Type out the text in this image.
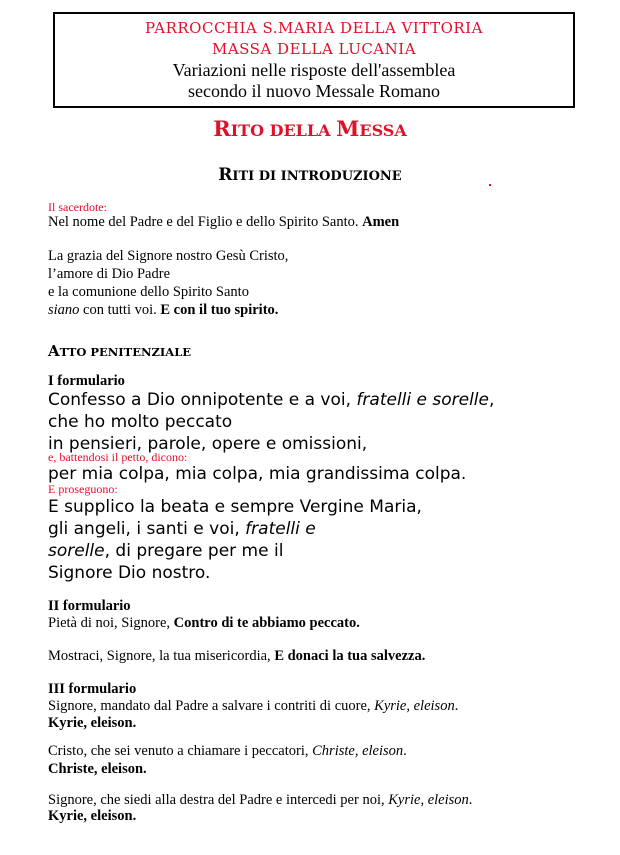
PARROCCHIA S.MARIA DELLA VITTORIA
MASSA DELLA LUCANIA
Variazioni nelle risposte dell'assemblea
secondo il nuovo Messale Romano
RITO DELLA MESSA
RITI DI INTRODUZIONE
Il sacerdote:
Nel nome del Padre e del Figlio e dello Spirito Santo. Amen
La grazia del Signore nostro Gesù Cristo,
l’amore di Dio Padre
e la comunione dello Spirito Santo
siano con tutti voi. E con il tuo spirito.
ATTO PENITENZIALE
I formulario
Confesso a Dio onnipotente e a voi, fratelli e sorelle,
che ho molto peccato
in pensieri, parole, opere e omissioni,
e, battendosi il petto, dicono:
per mia colpa, mia colpa, mia grandissima colpa.
E proseguono:
E supplico la beata e sempre Vergine Maria,
gli angeli, i santi e voi, fratelli e
sorelle, di pregare per me il
Signore Dio nostro.
II formulario
Pietà di noi, Signore, Contro di te abbiamo peccato.
Mostraci, Signore, la tua misericordia, E donaci la tua salvezza.
III formulario
Signore, mandato dal Padre a salvare i contriti di cuore, Kyrie, eleison.
Kyrie, eleison.
Cristo, che sei venuto a chiamare i peccatori, Christe, eleison.
Christe, eleison.
Signore, che siedi alla destra del Padre e intercedi per noi, Kyrie, eleison.
Kyrie, eleison.
